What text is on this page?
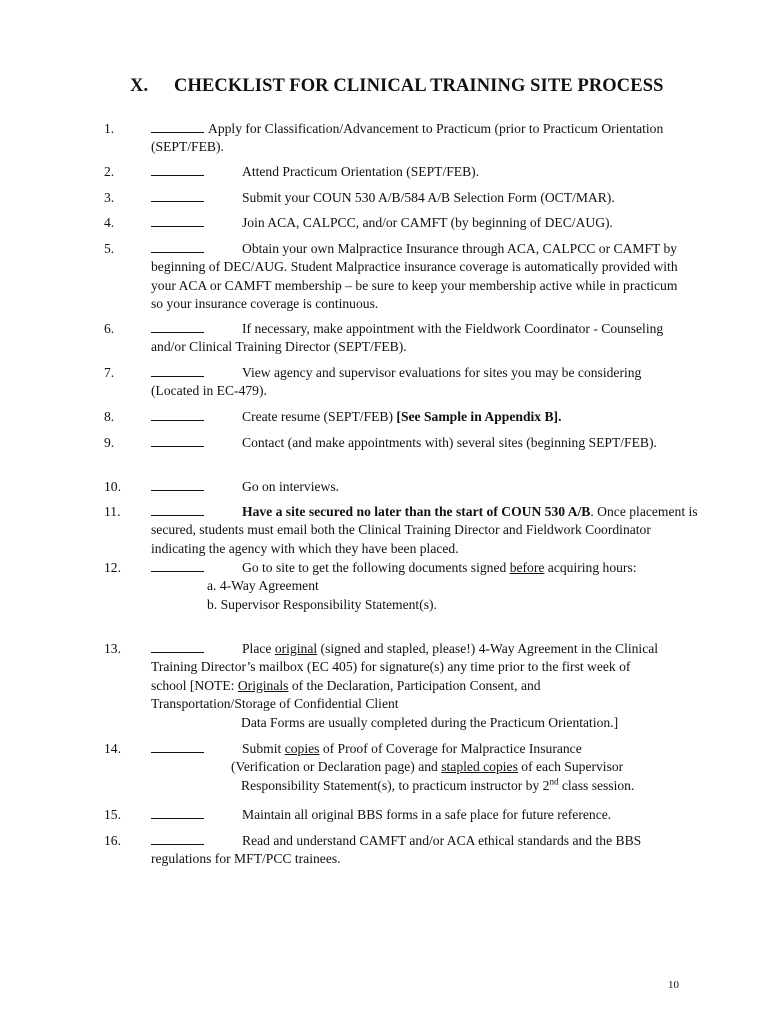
X. CHECKLIST FOR CLINICAL TRAINING SITE PROCESS
1.	Apply for Classification/Advancement to Practicum (prior to Practicum Orientation (SEPT/FEB).
2.	Attend Practicum Orientation (SEPT/FEB).
3.	Submit your COUN 530 A/B/584 A/B Selection Form (OCT/MAR).
4.	Join ACA, CALPCC, and/or CAMFT (by beginning of DEC/AUG).
5.	Obtain your own Malpractice Insurance through ACA, CALPCC or CAMFT by beginning of DEC/AUG. Student Malpractice insurance coverage is automatically provided with your ACA or CAMFT membership – be sure to keep your membership active while in practicum so your insurance coverage is continuous.
6.	If necessary, make appointment with the Fieldwork Coordinator - Counseling and/or Clinical Training Director (SEPT/FEB).
7.	View agency and supervisor evaluations for sites you may be considering (Located in EC-479).
8.	Create resume (SEPT/FEB) [See Sample in Appendix B].
9.	Contact (and make appointments with) several sites (beginning SEPT/FEB).
10.	Go on interviews.
11.	Have a site secured no later than the start of COUN 530 A/B. Once placement is secured, students must email both the Clinical Training Director and Fieldwork Coordinator indicating the agency with which they have been placed.
12.	Go to site to get the following documents signed before acquiring hours:
a. 4-Way Agreement
b. Supervisor Responsibility Statement(s).
13.	Place original (signed and stapled, please!) 4-Way Agreement in the Clinical Training Director’s mailbox (EC 405) for signature(s) any time prior to the first week of school [NOTE: Originals of the Declaration, Participation Consent, and Transportation/Storage of Confidential Client
Data Forms are usually completed during the Practicum Orientation.]
14.	Submit copies of Proof of Coverage for Malpractice Insurance
(Verification or Declaration page) and stapled copies of each Supervisor
Responsibility Statement(s), to practicum instructor by 2nd class session.
15.	Maintain all original BBS forms in a safe place for future reference.
16.	Read and understand CAMFT and/or ACA ethical standards and the BBS regulations for MFT/PCC trainees.
10
